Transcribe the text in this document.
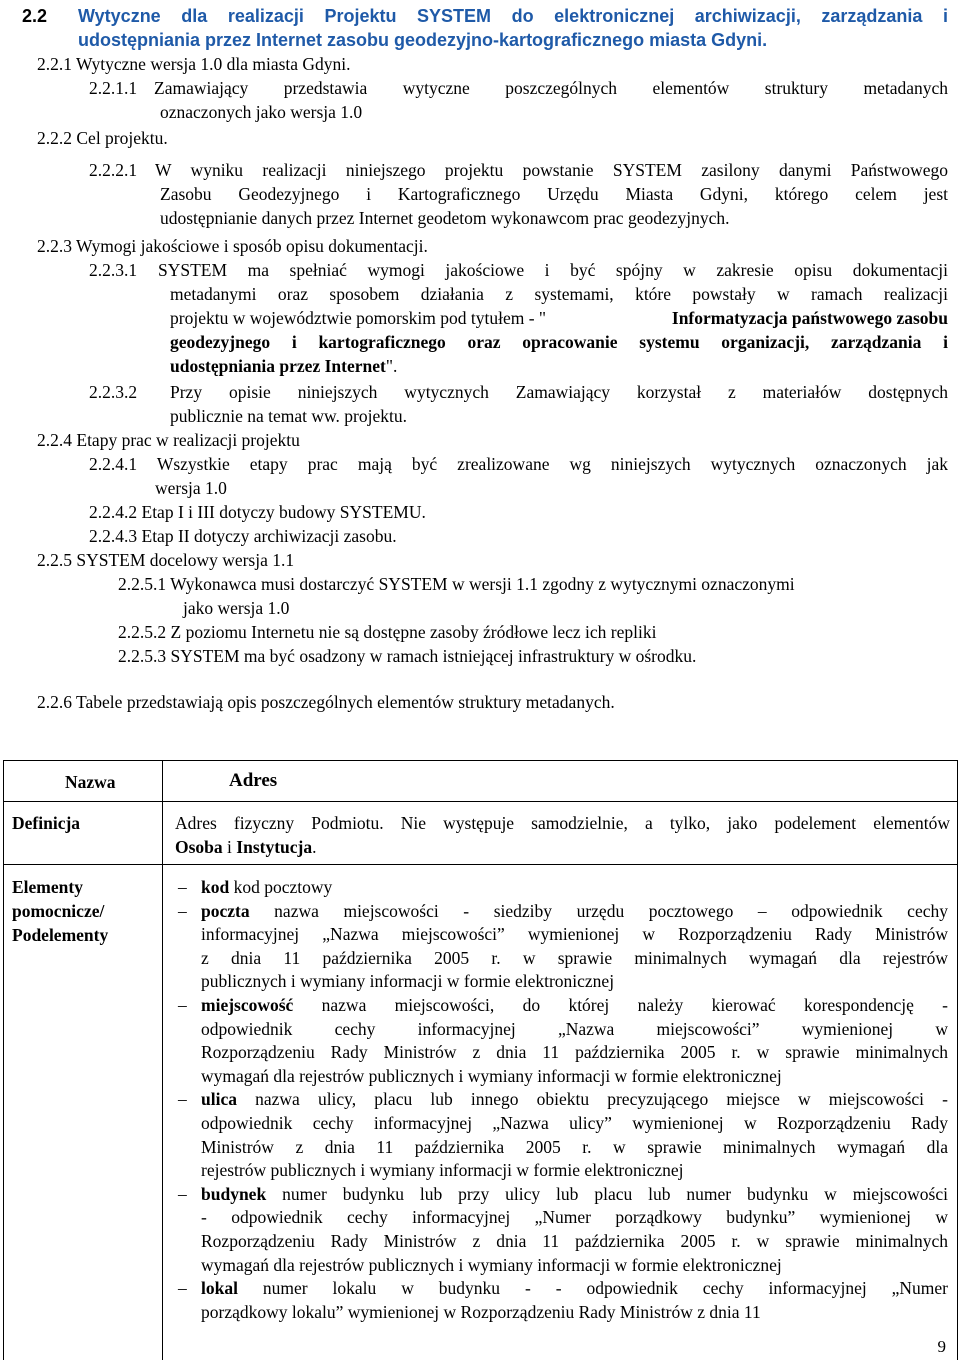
2.2 Wytyczne dla realizacji Projektu SYSTEM do elektronicznej archiwizacji, zarządzania i
udostępniania przez Internet zasobu geodezyjno-kartograficznego miasta Gdyni.
2.2.1 Wytyczne wersja 1.0 dla miasta Gdyni.
2.2.1.1 Zamawiający przedstawia wytyczne poszczególnych elementów struktury metadanych
oznaczonych jako wersja 1.0
2.2.2 Cel projektu.
2.2.2.1 W wyniku realizacji niniejszego projektu powstanie SYSTEM zasilony danymi Państwowego
Zasobu Geodezyjnego i Kartograficznego Urzędu Miasta Gdyni, którego celem jest
udostępnianie danych przez Internet geodetom wykonawcom prac geodezyjnych.
2.2.3 Wymogi jakościowe i sposób opisu dokumentacji.
2.2.3.1 SYSTEM ma spełniać wymogi jakościowe i być spójny w zakresie opisu dokumentacji
metadanymi oraz sposobem działania z systemami, które powstały w ramach realizacji
projektu w województwie pomorskim pod tytułem - "	Informatyzacja państwowego zasobu
geodezyjnego i kartograficznego oraz opracowanie systemu organizacji, zarządzania i
udostępniania przez Internet".
2.2.3.2 Przy opisie niniejszych wytycznych Zamawiający korzystał z materiałów dostępnych
publicznie na temat ww. projektu.
2.2.4 Etapy prac w realizacji projektu
2.2.4.1 Wszystkie etapy prac mają być zrealizowane wg niniejszych wytycznych oznaczonych jak
wersja 1.0
2.2.4.2 Etap I i III dotyczy budowy SYSTEMU.
2.2.4.3 Etap II dotyczy archiwizacji zasobu.
2.2.5 SYSTEM docelowy wersja 1.1
2.2.5.1 Wykonawca musi dostarczyć SYSTEM w wersji 1.1 zgodny z wytycznymi oznaczonymi
jako wersja 1.0
2.2.5.2 Z poziomu Internetu nie są dostępne zasoby źródłowe lecz ich repliki
2.2.5.3 SYSTEM ma być osadzony w ramach istniejącej infrastruktury w ośrodku.
2.2.6 Tabele przedstawiają opis poszczególnych elementów struktury metadanych.
Nazwa	Adres
Definicja	Adres fizyczny Podmiotu. Nie występuje samodzielnie, a tylko, jako podelement elementów
Osoba i Instytucja.
Elementy
pomocnicze/
Podelementy
– kod kod pocztowy
– poczta nazwa miejscowości - siedziby urzędu pocztowego – odpowiednik cechy
informacyjnej „Nazwa miejscowości” wymienionej w Rozporządzeniu Rady Ministrów
z dnia 11 października 2005 r. w sprawie minimalnych wymagań dla rejestrów
publicznych i wymiany informacji w formie elektronicznej
– miejscowość nazwa miejscowości, do której należy kierować korespondencję -
odpowiednik cechy informacyjnej „Nazwa miejscowości” wymienionej w
Rozporządzeniu Rady Ministrów z dnia 11 października 2005 r. w sprawie minimalnych
wymagań dla rejestrów publicznych i wymiany informacji w formie elektronicznej
– ulica nazwa ulicy, placu lub innego obiektu precyzującego miejsce w miejscowości -
odpowiednik cechy informacyjnej „Nazwa ulicy” wymienionej w Rozporządzeniu Rady
Ministrów z dnia 11 października 2005 r. w sprawie minimalnych wymagań dla
rejestrów publicznych i wymiany informacji w formie elektronicznej
– budynek numer budynku lub przy ulicy lub placu lub numer budynku w miejscowości
- odpowiednik cechy informacyjnej „Numer porządkowy budynku” wymienionej w
Rozporządzeniu Rady Ministrów z dnia 11 października 2005 r. w sprawie minimalnych
wymagań dla rejestrów publicznych i wymiany informacji w formie elektronicznej
– lokal numer lokalu w budynku - - odpowiednik cechy informacyjnej „Numer
porządkowy lokalu” wymienionej w Rozporządzeniu Rady Ministrów z dnia 11
9
